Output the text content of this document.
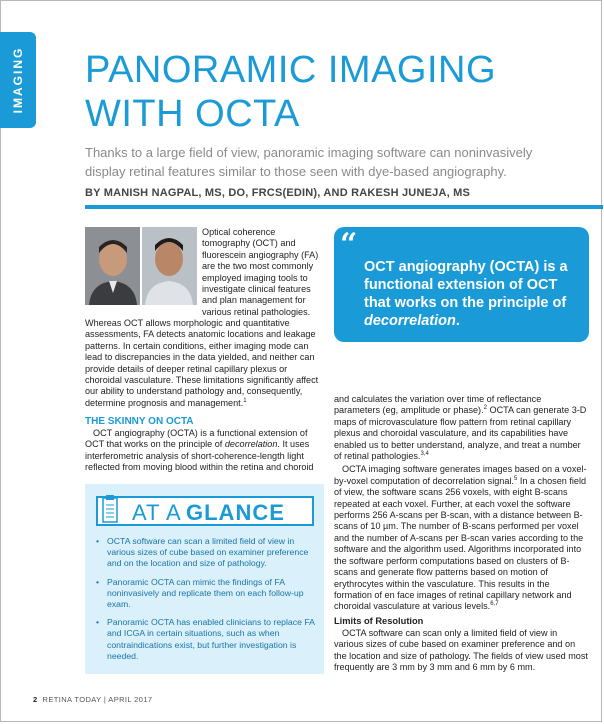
IMAGING PANORAMIC IMAGING
WITH OCTA

Thanks to a large field of view, panoramic imaging software can noninvasively display retinal features similar to those seen with dye-based angiography.

BY MANISH NAGPAL, MS, DO, FRCS(EDIN), AND RAKESH JUNEJA, MS

Optical coherence tomography (OCT) and fluorescein angiography (FA) are the two most commonly employed imaging tools to investigate clinical features and plan management for various retinal pathologies.

Whereas OCT allows morphologic and quantitative assessments, FA detects anatomic locations and leakage patterns. In certain conditions, either imaging mode can lead to discrepancies in the data yielded, and neither can provide details of deeper retinal capillary plexus or choroidal vasculature. These limitations significantly affect our ability to understand pathology and, consequently, determine prognosis and management.$^1$

THE SKINNY ON OCTA

OCT angiography (OCTA) is a functional extension of OCT that works on the principle of decorrelation. It uses interferometric analysis of short-coherence-length light reflected from moving blood within the retina and choroid

“

OCT angiography (OCTA) is a functional extension of OCT that works on the principle of decorrelation.

AT A GLANCE
• OCTA software can scan a limited field of view in various sizes of cube based on examiner preference and on the location and size of pathology.
• Panoramic OCTA can mimic the findings of FA noninvasively and replicate them on each follow-up exam.
• Panoramic OCTA has enabled clinicians to replace FA and ICGA in certain situations, such as when contraindications exist, but further investigation is needed.

and calculates the variation over time of reflectance parameters (eg, amplitude or phase).$^2$ OCTA can generate 3-D maps of microvasculature flow pattern from retinal capillary plexus and choroidal vasculature, and its capabilities have enabled us to better understand, analyze, and treat a number of retinal pathologies.$^{3,4}$

OCTA imaging software generates images based on a voxel-by-voxel computation of decorrelation signal.$^5$ In a chosen field of view, the software scans 256 voxels, with eight B-scans repeated at each voxel. Further, at each voxel the software performs 256 A-scans per B-scan, with a distance between B-scans of 10 µm. The number of B-scans performed per voxel and the number of A-scans per B-scan varies according to the software and the algorithm used. Algorithms incorporated into the software perform computations based on clusters of B-scans and generate flow patterns based on motion of erythrocytes within the vasculature. This results in the formation of en face images of retinal capillary network and choroidal vasculature at various levels.$^{6,7}$

Limits of Resolution

OCTA software can scan only a limited field of view in various sizes of cube based on examiner preference and on the location and size of pathology. The fields of view used most frequently are 3 mm by 3 mm and 6 mm by 6 mm.

2 RETINA TODAY | APRIL 2017
